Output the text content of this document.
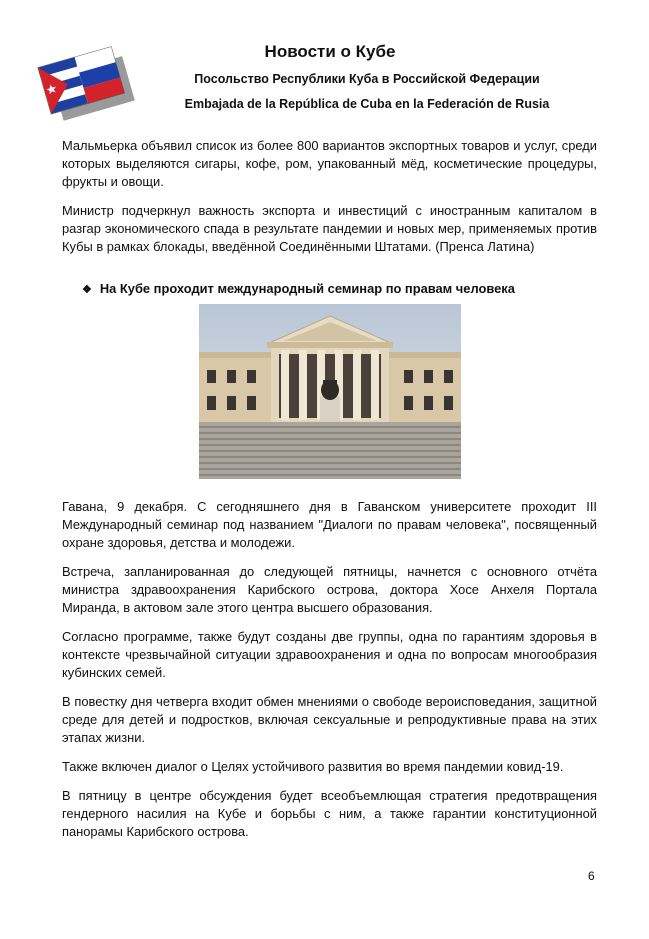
Новости о Кубе
Посольство Республики Куба в Российской Федерации
Embajada de la República de Cuba en la Federación de Rusia

Мальмьерка объявил список из более 800 вариантов экспортных товаров и услуг, среди которых выделяются сигары, кофе, ром, упакованный мёд, косметические процедуры, фрукты и овощи.

Министр подчеркнул важность экспорта и инвестиций с иностранным капиталом в разгар экономического спада в результате пандемии и новых мер, применяемых против Кубы в рамках блокады, введённой Соединёнными Штатами. (Пренса Латина)

❖ На Кубе проходит международный семинар по правам человека

Гавана, 9 декабря. С сегодняшнего дня в Гаванском университете проходит III Международный семинар под названием "Диалоги по правам человека", посвященный охране здоровья, детства и молодежи.

Встреча, запланированная до следующей пятницы, начнется с основного отчёта министра здравоохранения Карибского острова, доктора Хосе Анхеля Портала Миранда, в актовом зале этого центра высшего образования.

Согласно программе, также будут созданы две группы, одна по гарантиям здоровья в контексте чрезвычайной ситуации здравоохранения и одна по вопросам многообразия кубинских семей.

В повестку дня четверга входит обмен мнениями о свободе вероисповедания, защитной среде для детей и подростков, включая сексуальные и репродуктивные права на этих этапах жизни.

Также включен диалог о Целях устойчивого развития во время пандемии ковид-19.

В пятницу в центре обсуждения будет всеобъемлющая стратегия предотвращения гендерного насилия на Кубе и борьбы с ним, а также гарантии конституционной панорамы Карибского острова.

6
